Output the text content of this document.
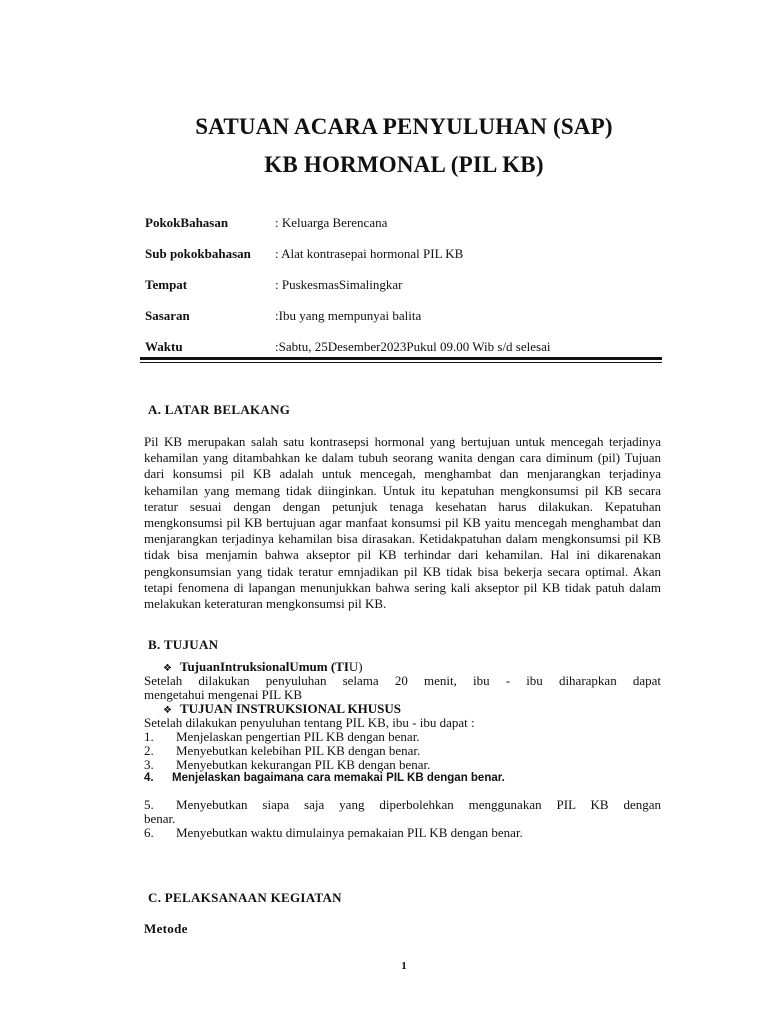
SATUAN ACARA PENYULUHAN (SAP)
KB HORMONAL (PIL KB)
PokokBahasan	: Keluarga Berencana
Sub pokokbahasan : Alat kontrasepai hormonal PIL KB
Tempat	: PuskesmasSimalingkar
Sasaran	:Ibu yang mempunyai balita
Waktu	:Sabtu, 25Desember2023Pukul 09.00 Wib s/d selesai
A. LATAR BELAKANG
Pil KB merupakan salah satu kontrasepsi hormonal yang bertujuan untuk mencegah terjadinya kehamilan yang ditambahkan ke dalam tubuh seorang wanita dengan cara diminum (pil) Tujuan dari konsumsi pil KB adalah untuk mencegah, menghambat dan menjarangkan terjadinya kehamilan yang memang tidak diinginkan. Untuk itu kepatuhan mengkonsumsi pil KB secara teratur sesuai dengan dengan petunjuk tenaga kesehatan harus dilakukan. Kepatuhan mengkonsumsi pil KB bertujuan agar manfaat konsumsi pil KB yaitu mencegah menghambat dan menjarangkan terjadinya kehamilan bisa dirasakan. Ketidakpatuhan dalam mengkonsumsi pil KB tidak bisa menjamin bahwa akseptor pil KB terhindar dari kehamilan. Hal ini dikarenakan pengkonsumsian yang tidak teratur emnjadikan pil KB tidak bisa bekerja secara optimal. Akan tetapi fenomena di lapangan menunjukkan bahwa sering kali akseptor pil KB tidak patuh dalam melakukan keteraturan mengkonsumsi pil KB.
B. TUJUAN
❖ TujuanIntruksionalUmum (TIU)
Setelah dilakukan penyuluhan selama 20 menit, ibu - ibu diharapkan dapat
mengetahui mengenai PIL KB
❖ TUJUAN INSTRUKSIONAL KHUSUS
Setelah dilakukan penyuluhan tentang PIL KB, ibu - ibu dapat :
1. Menjelaskan pengertian PIL KB dengan benar.
2. Menyebutkan kelebihan PIL KB dengan benar.
3. Menyebutkan kekurangan PIL KB dengan benar.
4. Menjelaskan bagaimana cara memakai PIL KB dengan benar.
5. Menyebutkan siapa saja yang diperbolehkan menggunakan PIL KB dengan
benar.
6. Menyebutkan waktu dimulainya pemakaian PIL KB dengan benar.
C. PELAKSANAAN KEGIATAN
Metode
1
